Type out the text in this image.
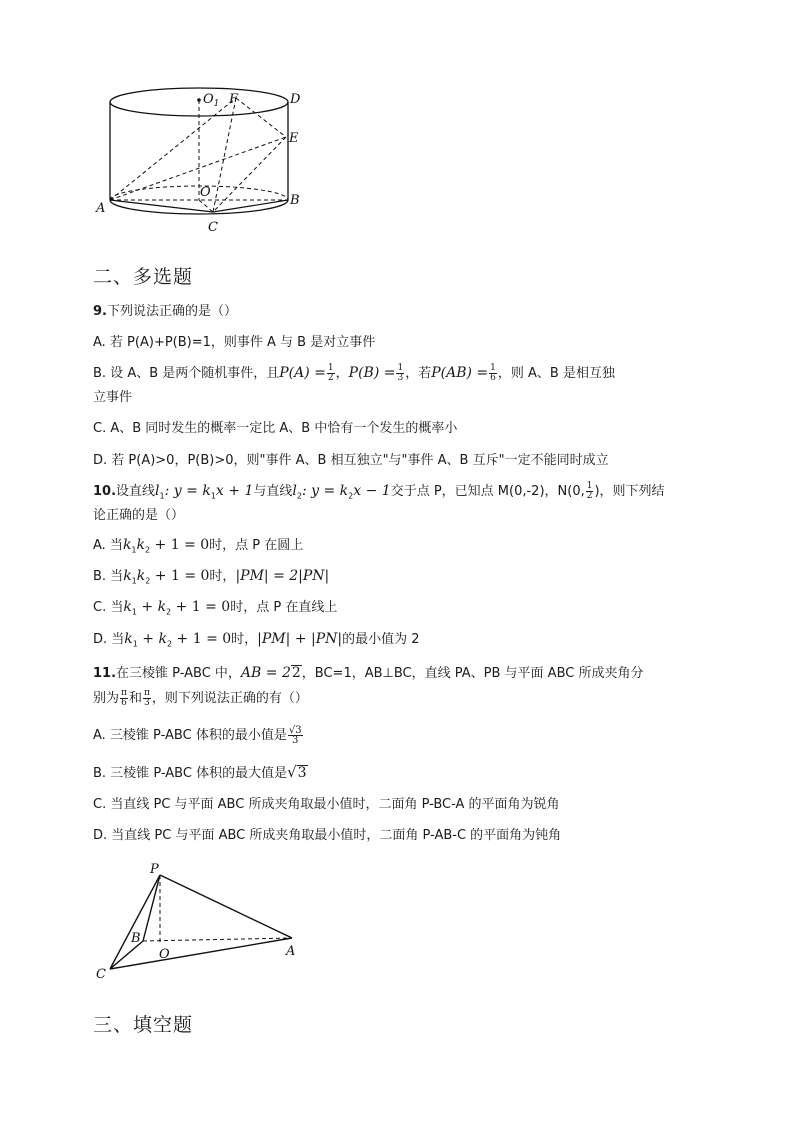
$O_1$ F	D
E
O
A
B
C
二、多选题
9.下列说法正确的是（）
A. 若 P(A)+P(B)=1，则事件 A 与 B 是对立事件
B. 设 A、B 是两个随机事件，且$P(A) = \frac{1}{2}$ ，$P(B) = \frac{1}{3}$ ，若$P(AB) = \frac{1}{6}$ ，则 A、B 是相互独
立事件
C. A、B 同时发生的概率一定比 A、B 中恰有一个发生的概率小
D. 若 P(A)>0，P(B)>0，则"事件 A、B 相互独立"与"事件 A、B 互斥"一定不能同时成立
10.设直线$l_1$: $y = k_1x + 1$与直线$l_2$: $y = k_2x - 1$交于点 P，已知点 M(0,-2)，N(0, $\frac{1}{2}$ )，则下列结
论正确的是（）
A. 当$k_1k_2 + 1 = 0$时，点 P 在圆上
B. 当$k_1k_2 + 1 = 0$时，|PM| = 2|PN|
C. 当$k_1 + k_2 + 1 = 0$时，点 P 在直线上
D. 当$k_1 + k_2 + 1 = 0$时，|PM| + |PN|的最小值为 2
11.在三棱锥 P-ABC 中，AB = 22，BC=1，AB⊥BC，直线 PA、PB 与平面 ABC 所成夹角分
别为 $\frac{\pi}{6}$ 和 $\frac{\pi}{3}$ ，则下列说法正确的有（）
A. 三棱锥 P-ABC 体积的最小值是 $\frac{√3}{3}$
B. 三棱锥 P-ABC 体积的最大值是√3
C. 当直线 PC 与平面 ABC 所成夹角取最小值时，二面角 P-BC-A 的平面角为锐角
D. 当直线 PC 与平面 ABC 所成夹角取最小值时，二面角 P-AB-C 的平面角为钝角
P
B
O	A
C
三、填空题
